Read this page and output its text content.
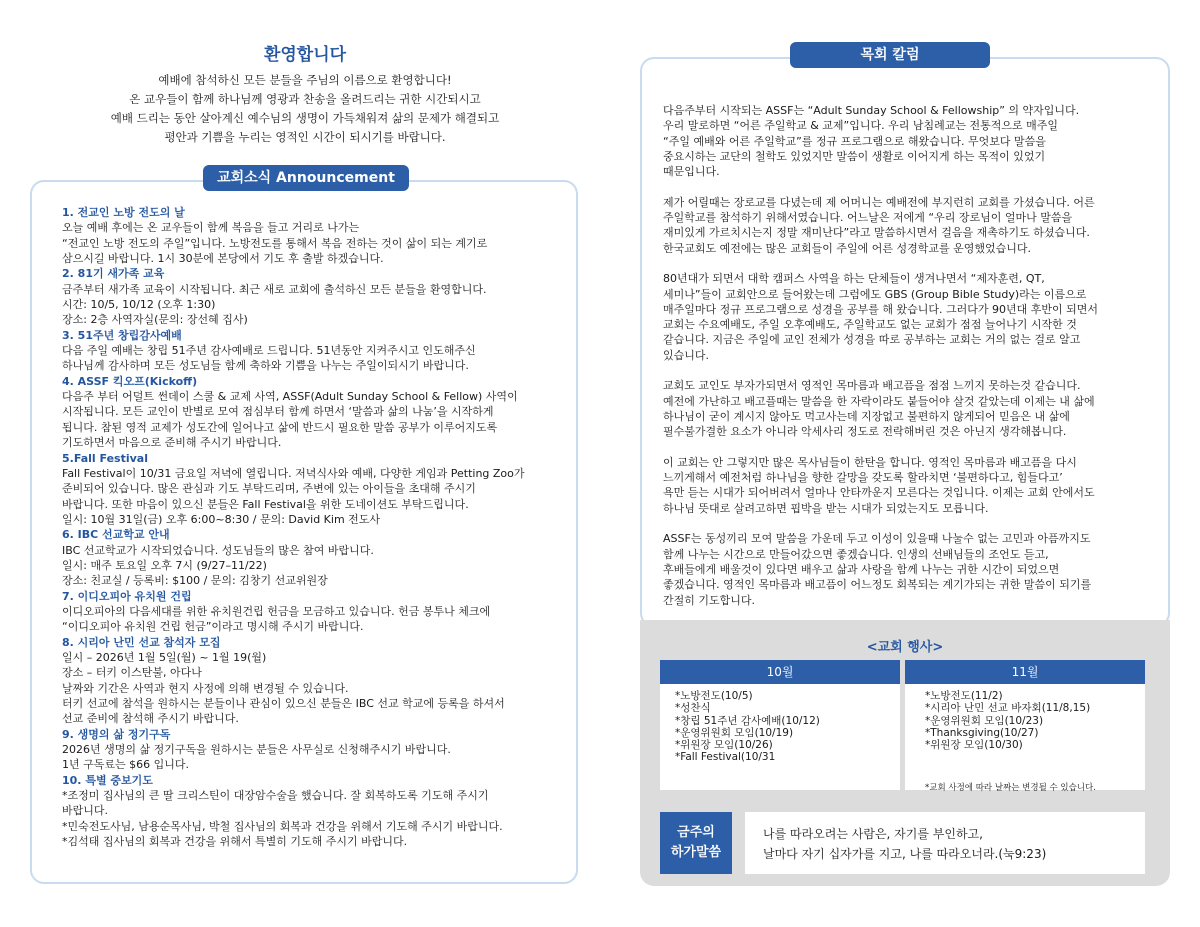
환영합니다
예배에 참석하신 모든 분들을 주님의 이름으로 환영합니다!
온 교우들이 함께 하나님께 영광과 찬송을 올려드리는 귀한 시간되시고
예배 드리는 동안 살아계신 예수님의 생명이 가득채워져 삶의 문제가 해결되고
평안과 기쁨을 누리는 영적인 시간이 되시기를 바랍니다.
교회소식 Announcement
1. 전교인 노방 전도의 날
오늘 예배 후에는 온 교우들이 함께 복음을 들고 거리로 나가는
“전교인 노방 전도의 주일”입니다. 노방전도를 통해서 복음 전하는 것이 삶이 되는 계기로
삼으시길 바랍니다. 1시 30분에 본당에서 기도 후 출발 하겠습니다.
2. 81기 새가족 교육
금주부터 새가족 교육이 시작됩니다. 최근 새로 교회에 출석하신 모든 분들을 환영합니다.
시간: 10/5, 10/12 (오후 1:30)
장소: 2층 사역자실(문의: 장선혜 집사)
3. 51주년 창립감사예배
다음 주일 예배는 창립 51주년 감사예배로 드립니다. 51년동안 지켜주시고 인도해주신
하나님께 감사하며 모든 성도님들 함께 축하와 기쁨을 나누는 주일이되시기 바랍니다.
4. ASSF 킥오프(Kickoff)
다음주 부터 어덜트 썬데이 스쿨 & 교제 사역, ASSF(Adult Sunday School & Fellow) 사역이
시작됩니다. 모든 교인이 반별로 모여 점심부터 함께 하면서 ‘말씀과 삶의 나눔’을 시작하게
됩니다. 참된 영적 교제가 성도간에 일어나고 삶에 반드시 필요한 말씀 공부가 이루어지도록
기도하면서 마음으로 준비해 주시기 바랍니다.
5.Fall Festival
Fall Festival이 10/31 금요일 저녁에 열립니다. 저녁식사와 예배, 다양한 게임과 Petting Zoo가
준비되어 있습니다. 많은 관심과 기도 부탁드리며, 주변에 있는 아이들을 초대해 주시기
바랍니다. 또한 마음이 있으신 분들은 Fall Festival을 위한 도네이션도 부탁드립니다.
일시: 10월 31일(금) 오후 6:00~8:30 / 문의: David Kim 전도사
6. IBC 선교학교 안내
IBC 선교학교가 시작되었습니다. 성도님들의 많은 참여 바랍니다.
일시: 매주 토요일 오후 7시 (9/27–11/22)
장소: 친교실 / 등록비: $100 / 문의: 김창기 선교위원장
7. 이디오피아 유치원 건립
이디오피아의 다음세대를 위한 유치원건립 헌금을 모금하고 있습니다. 헌금 봉투나 체크에
“이디오피아 유치원 건립 헌금”이라고 명시해 주시기 바랍니다.
8. 시리아 난민 선교 참석자 모집
일시 – 2026년 1월 5일(월) ~ 1월 19(월)
장소 – 터키 이스탄불, 아다나
날짜와 기간은 사역과 현지 사정에 의해 변경될 수 있습니다.
터키 선교에 참석을 원하시는 분들이나 관심이 있으신 분들은 IBC 선교 학교에 등록을 하셔서
선교 준비에 참석해 주시기 바랍니다.
9. 생명의 삶 정기구독
2026년 생명의 삶 정기구독을 원하시는 분들은 사무실로 신청해주시기 바랍니다.
1년 구독료는 $66 입니다.
10. 특별 중보기도
*조정미 집사님의 큰 딸 크리스틴이 대장암수술을 했습니다. 잘 회복하도록 기도해 주시기
바랍니다.
*민숙전도사님, 남용순목사님, 박철 집사님의 회복과 건강을 위해서 기도해 주시기 바랍니다.
*김석태 집사님의 회복과 건강을 위해서 특별히 기도해 주시기 바랍니다.
목회 칼럼
다음주부터 시작되는 ASSF는 “Adult Sunday School & Fellowship” 의 약자입니다.
우리 말로하면 “어른 주일학교 & 교제”입니다. 우리 남침례교는 전통적으로 매주일
“주일 예배와 어른 주일학교”를 정규 프로그램으로 해왔습니다. 무엇보다 말씀을
중요시하는 교단의 철학도 있었지만 말씀이 생활로 이어지게 하는 목적이 있었기
때문입니다.
제가 어릴때는 장로교를 다녔는데 제 어머니는 예배전에 부지런히 교회를 가셨습니다. 어른
주일학교를 참석하기 위해서였습니다. 어느날은 저에게 “우리 장로님이 얼마나 말씀을
재미있게 가르치시는지 정말 재미난다”라고 말씀하시면서 걸음을 재촉하기도 하셨습니다.
한국교회도 예전에는 많은 교회들이 주일에 어른 성경학교를 운영했었습니다.
80년대가 되면서 대학 캠퍼스 사역을 하는 단체들이 생겨나면서 “제자훈련, QT,
세미나”들이 교회안으로 들어왔는데 그럼에도 GBS (Group Bible Study)라는 이름으로
매주일마다 정규 프로그램으로 성경을 공부를 해 왔습니다. 그러다가 90년대 후반이 되면서
교회는 수요예배도, 주일 오후예배도, 주일학교도 없는 교회가 점점 늘어나기 시작한 것
같습니다. 지금은 주일에 교인 전체가 성경을 따로 공부하는 교회는 거의 없는 걸로 알고
있습니다.
교회도 교인도 부자가되면서 영적인 목마름과 배고픔을 점점 느끼지 못하는것 같습니다.
예전에 가난하고 배고플때는 말씀을 한 자락이라도 붙들어야 살것 같았는데 이제는 내 삶에
하나님이 굳이 계시지 않아도 먹고사는데 지장없고 불편하지 않게되어 믿음은 내 삶에
필수불가결한 요소가 아니라 악세사리 정도로 전락해버린 것은 아닌지 생각해봅니다.
이 교회는 안 그렇지만 많은 목사님들이 한탄을 합니다. 영적인 목마름과 배고픔을 다시
느끼게해서 예전처럼 하나님을 향한 갈망을 갖도록 할라치면 ‘불편하다고, 힘들다고’
욕만 듣는 시대가 되어버려서 얼마나 안타까운지 모른다는 것입니다. 이제는 교회 안에서도
하나님 뜻대로 살려고하면 핍박을 받는 시대가 되었는지도 모릅니다.
ASSF는 동성끼리 모여 말씀을 가운데 두고 이성이 있을때 나눌수 없는 고민과 아픔까지도
함께 나누는 시간으로 만들어갔으면 좋겠습니다. 인생의 선배님들의 조언도 듣고,
후배들에게 배울것이 있다면 배우고 삶과 사랑을 함께 나누는 귀한 시간이 되었으면
좋겠습니다. 영적인 목마름과 배고픔이 어느정도 회복되는 계기가되는 귀한 말씀이 되기를
간절히 기도합니다.
<교회 행사>
10월	11월
*노방전도(10/5)
*성찬식
*창립 51주년 감사예배(10/12)
*운영위원회 모임(10/19)
*위원장 모임(10/26)
*Fall Festival(10/31
*노방전도(11/2)
*시리아 난민 선교 바자회(11/8,15)
*운영위원회 모임(10/23)
*Thanksgiving(10/27)
*위원장 모임(10/30)
*교회 사정에 따라 날짜는 변경될 수 있습니다.
금주의
하가말씀
나를 따라오려는 사람은, 자기를 부인하고,
날마다 자기 십자가를 지고, 나를 따라오너라.(눅9:23)
